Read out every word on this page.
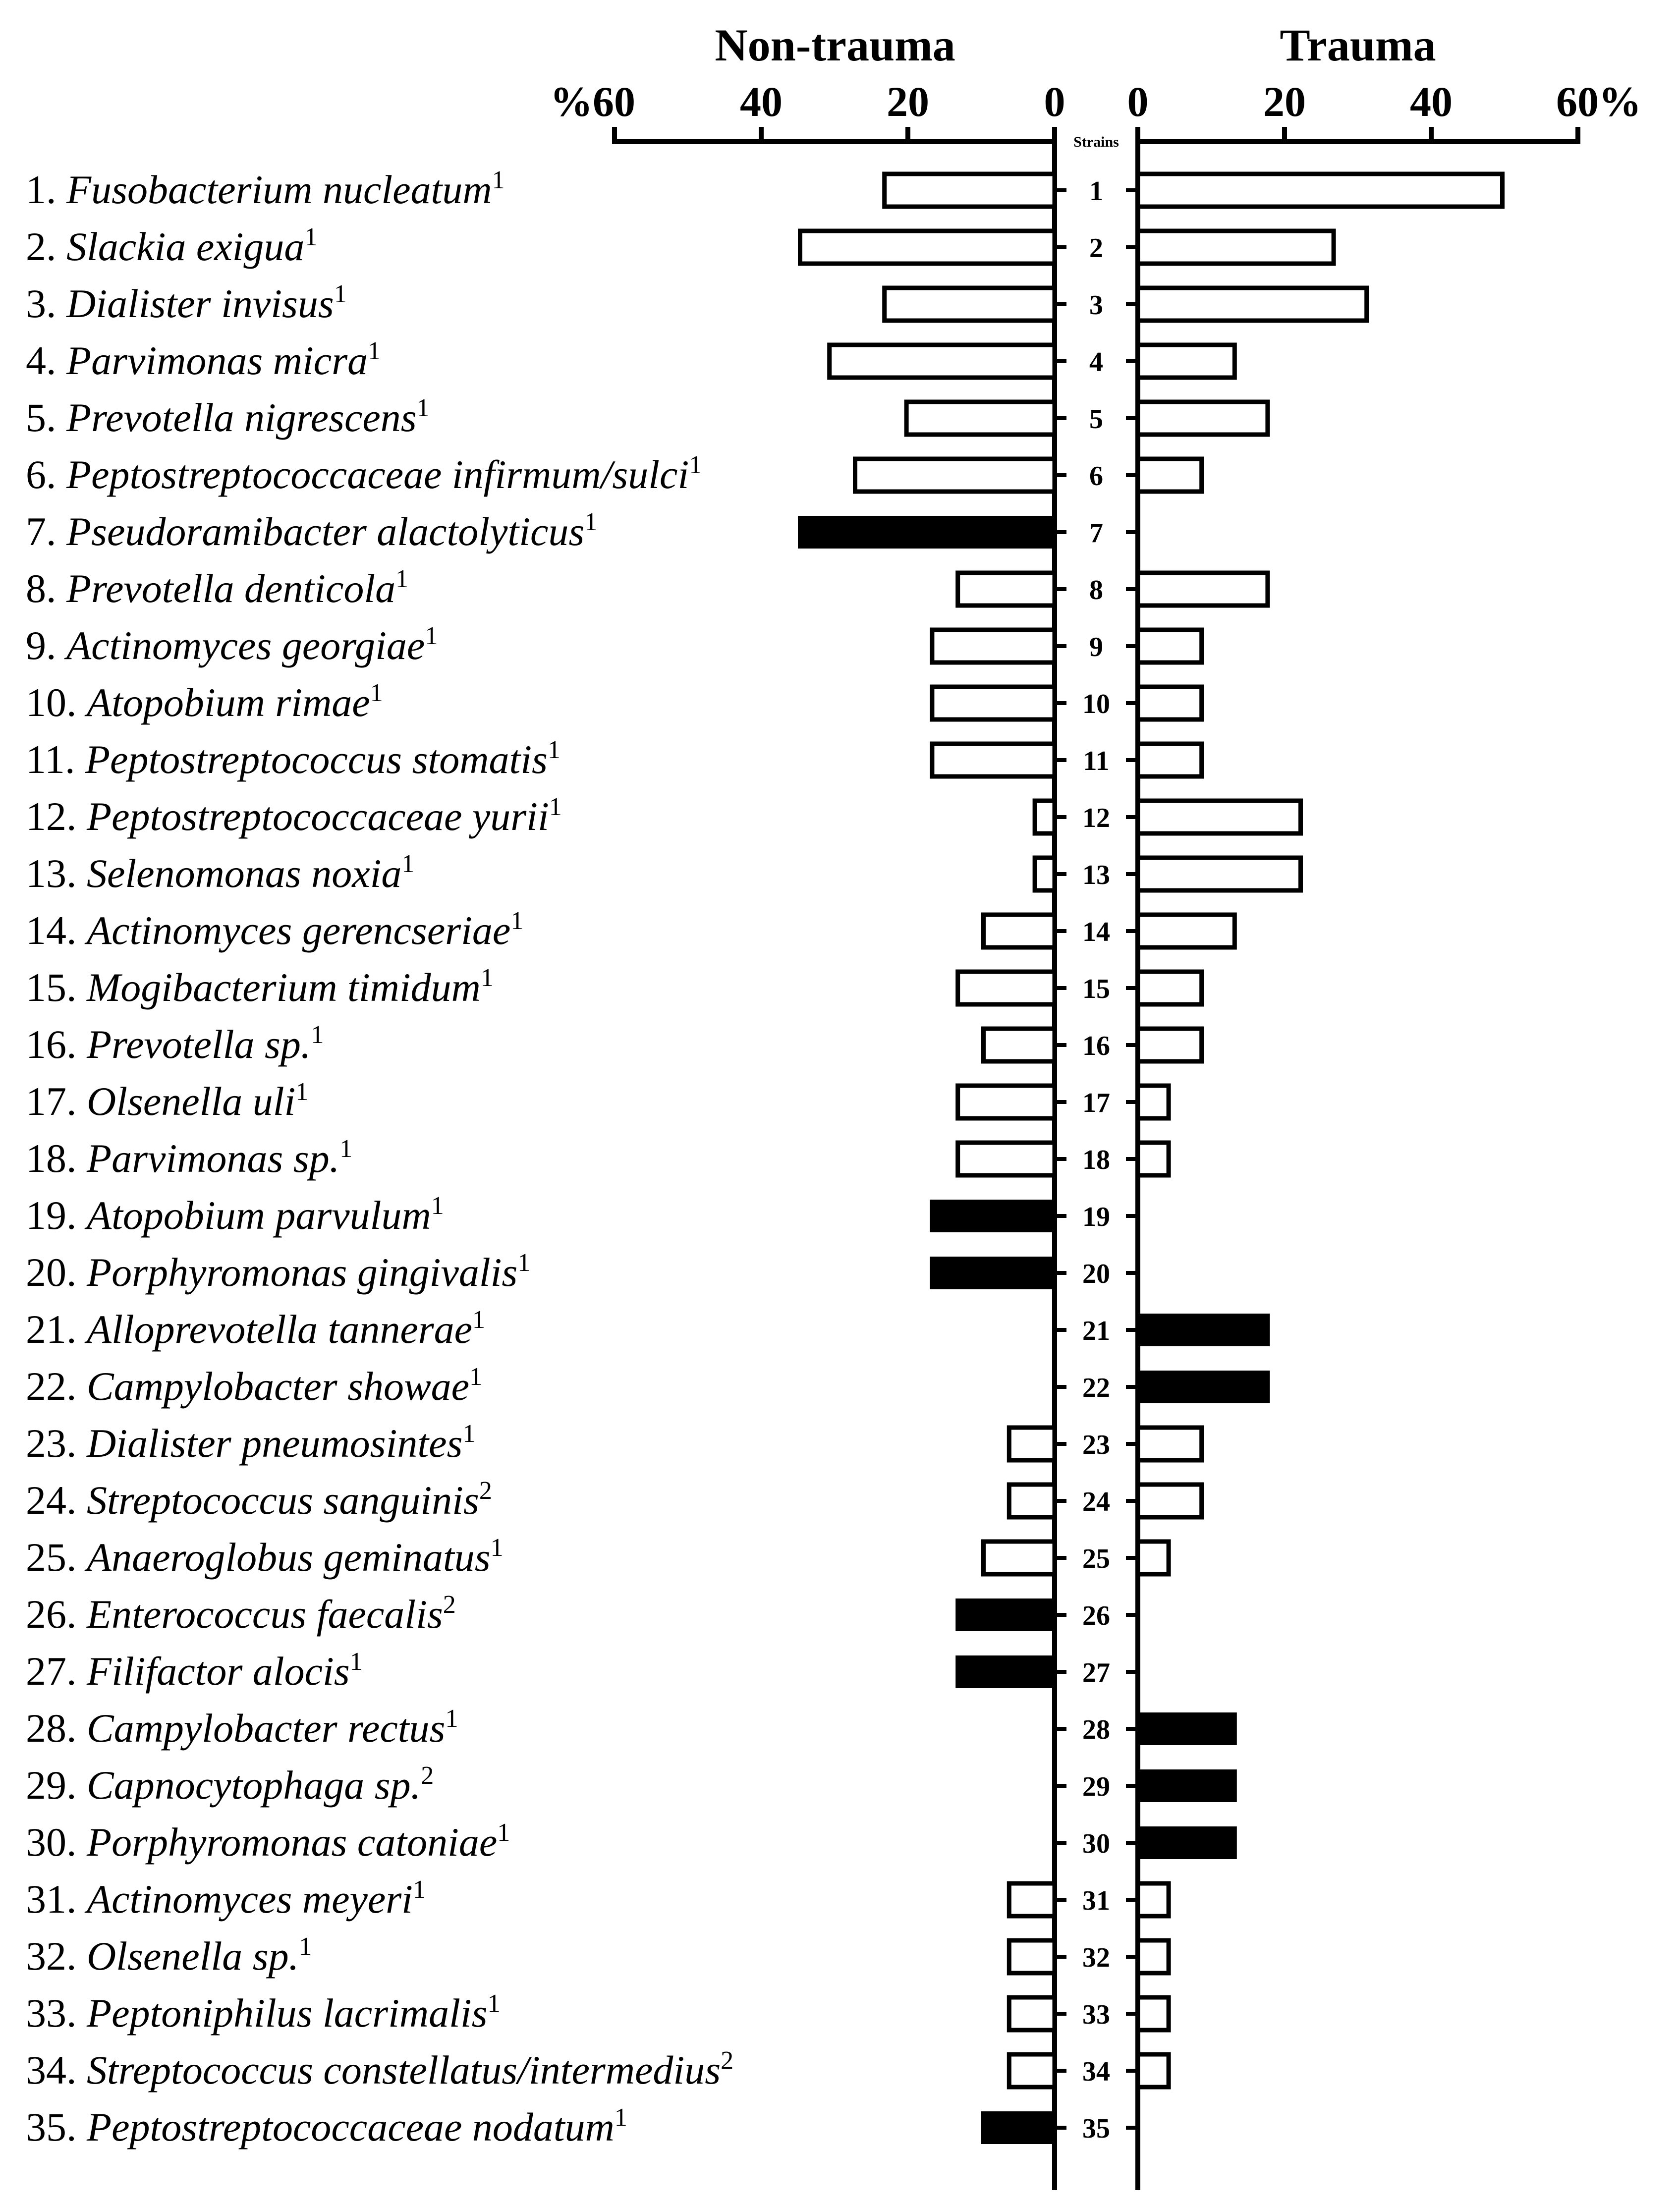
Non-trauma	Trauma
0 0
20	20
40	40
%60	60%
Strains
1
1. Fusobacterium nucleatum$^1$
2
2. Slackia exigua$^1$
3
3. Dialister invisus$^1$
4
4. Parvimonas micra$^1$
5
5. Prevotella nigrescens$^1$
6
6. Peptostreptococcaceae infirmum/sulci$^1$
7
7. Pseudoramibacter alactolyticus$^1$
8
8. Prevotella denticola$^1$
9
9. Actinomyces georgiae$^1$
10
10. Atopobium rimae$^1$
11
11. Peptostreptococcus stomatis$^1$
12
12. Peptostreptococcaceae yurii$^1$
13
13. Selenomonas noxia$^1$
14
14. Actinomyces gerencseriae$^1$
15
15. Mogibacterium timidum$^1$
16
16. Prevotella sp.$^1$
17
17. Olsenella uli$^1$
18
18. Parvimonas sp.$^1$
19
19. Atopobium parvulum$^1$
20
20. Porphyromonas gingivalis$^1$
21
21. Alloprevotella tannerae$^1$
22
22. Campylobacter showae$^1$
23
23. Dialister pneumosintes$^1$
24
24. Streptococcus sanguinis$^2$
25
25. Anaeroglobus geminatus$^1$
26
26. Enterococcus faecalis$^2$
27
27. Filifactor alocis$^1$
28
28. Campylobacter rectus$^1$
29
29. Capnocytophaga sp.$^2$
30
30. Porphyromonas catoniae$^1$
31
31. Actinomyces meyeri$^1$
32
32. Olsenella sp.$^1$
33
33. Peptoniphilus lacrimalis$^1$
34
34. Streptococcus constellatus/intermedius$^2$
35
35. Peptostreptococcaceae nodatum$^1$
